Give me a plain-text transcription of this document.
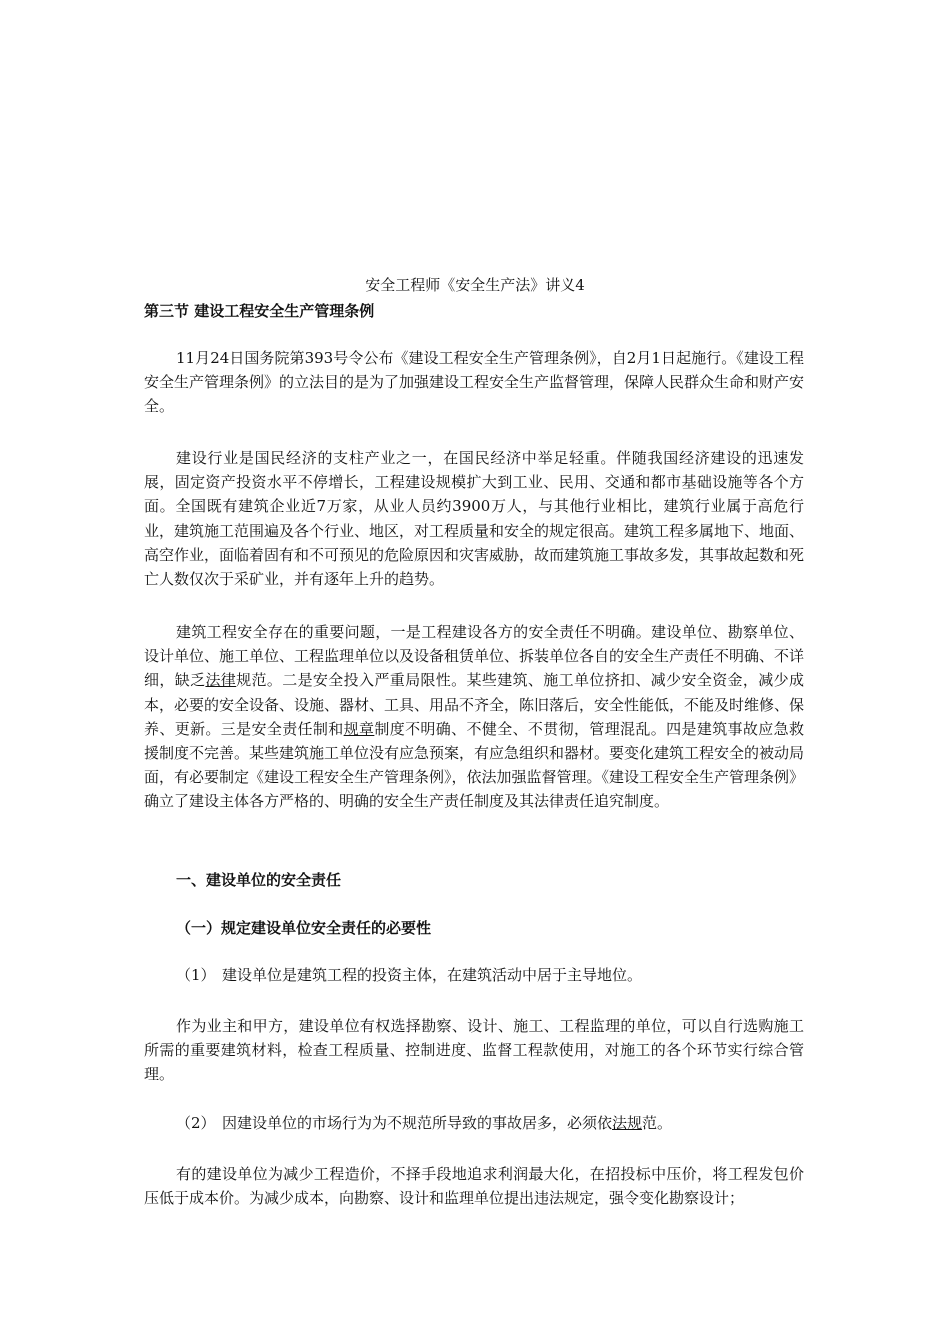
安全工程师《安全生产法》讲义4
第三节 建设工程安全生产管理条例

11月24日国务院第393号令公布《建设工程安全生产管理条例》，自2月1日起施行。《建设工程安全生产管理条例》的立法目的是为了加强建设工程安全生产监督管理，保障人民群众生命和财产安全。

建设行业是国民经济的支柱产业之一，在国民经济中举足轻重。伴随我国经济建设的迅速发展，固定资产投资水平不停增长，工程建设规模扩大到工业、民用、交通和都市基础设施等各个方面。全国既有建筑企业近7万家，从业人员约3900万人，与其他行业相比，建筑行业属于高危行业，建筑施工范围遍及各个行业、地区，对工程质量和安全的规定很高。建筑工程多属地下、地面、高空作业，面临着固有和不可预见的危险原因和灾害威胁，故而建筑施工事故多发，其事故起数和死亡人数仅次于采矿业，并有逐年上升的趋势。

建筑工程安全存在的重要问题，一是工程建设各方的安全责任不明确。建设单位、勘察单位、设计单位、施工单位、工程监理单位以及设备租赁单位、拆装单位各自的安全生产责任不明确、不详细，缺乏法律规范。二是安全投入严重局限性。某些建筑、施工单位挤扣、减少安全资金，减少成本，必要的安全设备、设施、器材、工具、用品不齐全，陈旧落后，安全性能低，不能及时维修、保养、更新。三是安全责任制和规章制度不明确、不健全、不贯彻，管理混乱。四是建筑事故应急救援制度不完善。某些建筑施工单位没有应急预案，有应急组织和器材。要变化建筑工程安全的被动局面，有必要制定《建设工程安全生产管理条例》，依法加强监督管理。《建设工程安全生产管理条例》确立了建设主体各方严格的、明确的安全生产责任制度及其法律责任追究制度。

一、建设单位的安全责任
（一）规定建设单位安全责任的必要性
（1） 建设单位是建筑工程的投资主体，在建筑活动中居于主导地位。

作为业主和甲方，建设单位有权选择勘察、设计、施工、工程监理的单位，可以自行选购施工所需的重要建筑材料，检查工程质量、控制进度、监督工程款使用，对施工的各个环节实行综合管理。

（2） 因建设单位的市场行为为不规范所导致的事故居多，必须依法规范。

有的建设单位为减少工程造价，不择手段地追求利润最大化，在招投标中压价，将工程发包价压低于成本价。为减少成本，向勘察、设计和监理单位提出违法规定，强令变化勘察设计；
